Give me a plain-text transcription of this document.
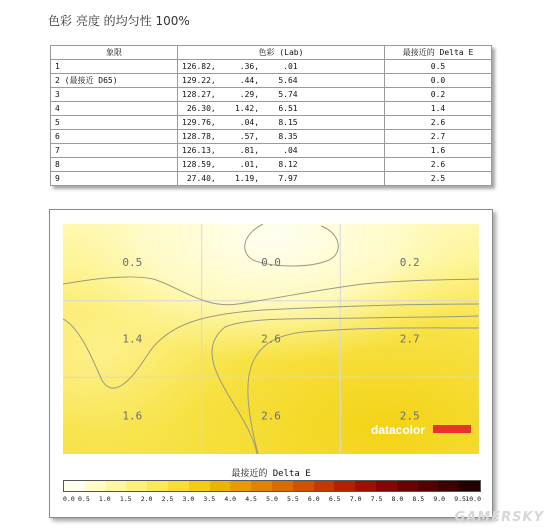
色彩 亮度 的均匀性 100%
象限	色彩 (Lab)	最接近的 Delta E
1	126.82,     .36,     .01	0.5
2 (最接近 D65)	129.22,     .44,    5.64	0.0
3	128.27,     .29,    5.74	0.2
4	26.30,    1.42,    6.51	1.4
5	129.76,     .04,    8.15	2.6
6	128.78,     .57,    8.35	2.7
7	126.13,     .81,     .04	1.6
8	128.59,     .01,    8.12	2.6
9	27.40,    1.19,    7.97	2.5
0.5	0.0	0.2
1.4	2.6	2.7
1.6	2.6	2.5
datacolor
最接近的 Delta E
0.0 0.5 1.0 1.5 2.0 2.5 3.0 3.5 4.0 4.5 5.0 5.5 6.0 6.5 7.0 7.5 8.0 8.5 9.0 9.5 10.0
GAMERSKY
